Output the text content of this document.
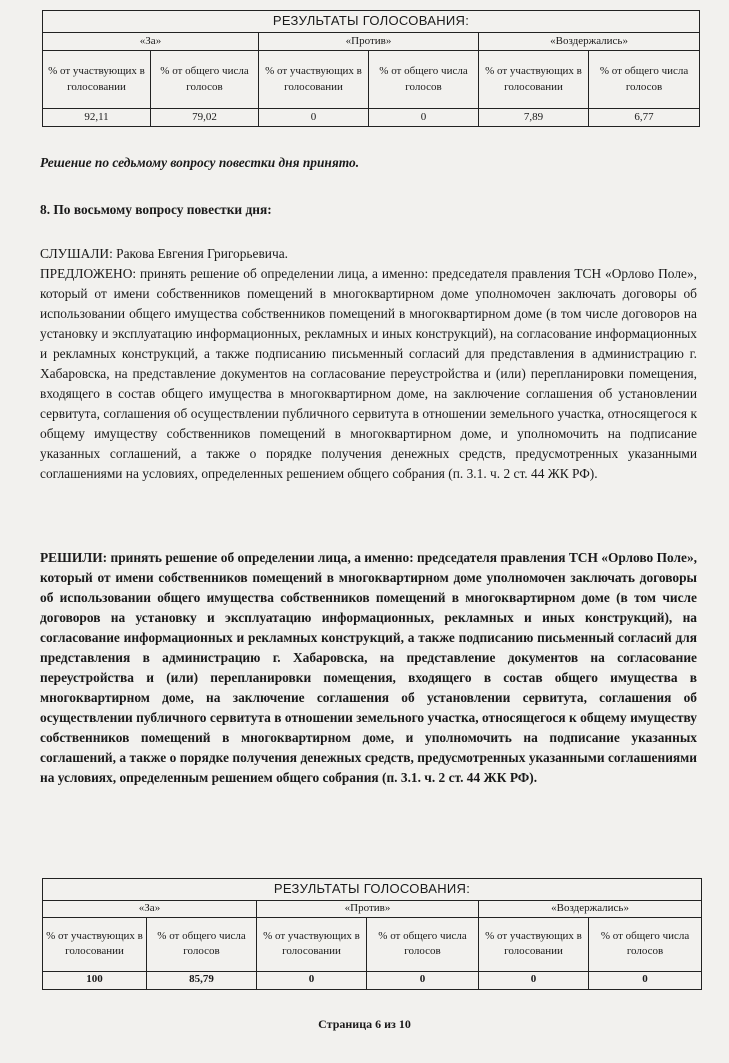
РЕЗУЛЬТАТЫ ГОЛОСОВАНИЯ:					
«За»		«Против»		«Воздержались»	
% от участвующих в голосовании	% от общего числа голосов	% от участвующих в голосовании	% от общего числа голосов	% от участвующих в голосовании	% от общего числа голосов
92,11	79,02	0	0	7,89	6,77

Решение по седьмому вопросу повестки дня принято.

8. По восьмому вопросу повестки дня:

СЛУШАЛИ: Ракова Евгения Григорьевича.

ПРЕДЛОЖЕНО: принять решение об определении лица, а именно: председателя правления ТСН «Орлово Поле», который от имени собственников помещений в многоквартирном доме уполномочен заключать договоры об использовании общего имущества собственников помещений в многоквартирном доме (в том числе договоров на установку и эксплуатацию информационных, рекламных и иных конструкций), на согласование информационных и рекламных конструкций, а также подписанию письменный согласий для представления в администрацию г. Хабаровска, на представление документов на согласование переустройства и (или) перепланировки помещения, входящего в состав общего имущества в многоквартирном доме, на заключение соглашения об установлении сервитута, соглашения об осуществлении публичного сервитута в отношении земельного участка, относящегося к общему имуществу собственников помещений в многоквартирном доме, и уполномочить на подписание указанных соглашений, а также о порядке получения денежных средств, предусмотренных указанными соглашениями на условиях, определенных решением общего собрания (п. 3.1. ч. 2 ст. 44 ЖК РФ).

РЕШИЛИ: принять решение об определении лица, а именно: председателя правления ТСН «Орлово Поле», который от имени собственников помещений в многоквартирном доме уполномочен заключать договоры об использовании общего имущества собственников помещений в многоквартирном доме (в том числе договоров на установку и эксплуатацию информационных, рекламных и иных конструкций), на согласование информационных и рекламных конструкций, а также подписанию письменный согласий для представления в администрацию г. Хабаровска, на представление документов на согласование переустройства и (или) перепланировки помещения, входящего в состав общего имущества в многоквартирном доме, на заключение соглашения об установлении сервитута, соглашения об осуществлении публичного сервитута в отношении земельного участка, относящегося к общему имуществу собственников помещений в многоквартирном доме, и уполномочить на подписание указанных соглашений, а также о порядке получения денежных средств, предусмотренных указанными соглашениями на условиях, определенным решением общего собрания (п. 3.1. ч. 2 ст. 44 ЖК РФ).

РЕЗУЛЬТАТЫ ГОЛОСОВАНИЯ:					
«За»		«Против»		«Воздержались»	
% от участвующих в голосовании	% от общего числа голосов	% от участвующих в голосовании	% от общего числа голосов	% от участвующих в голосовании	% от общего числа голосов
100	85,79	0	0	0	0
Страница 6 из 10
